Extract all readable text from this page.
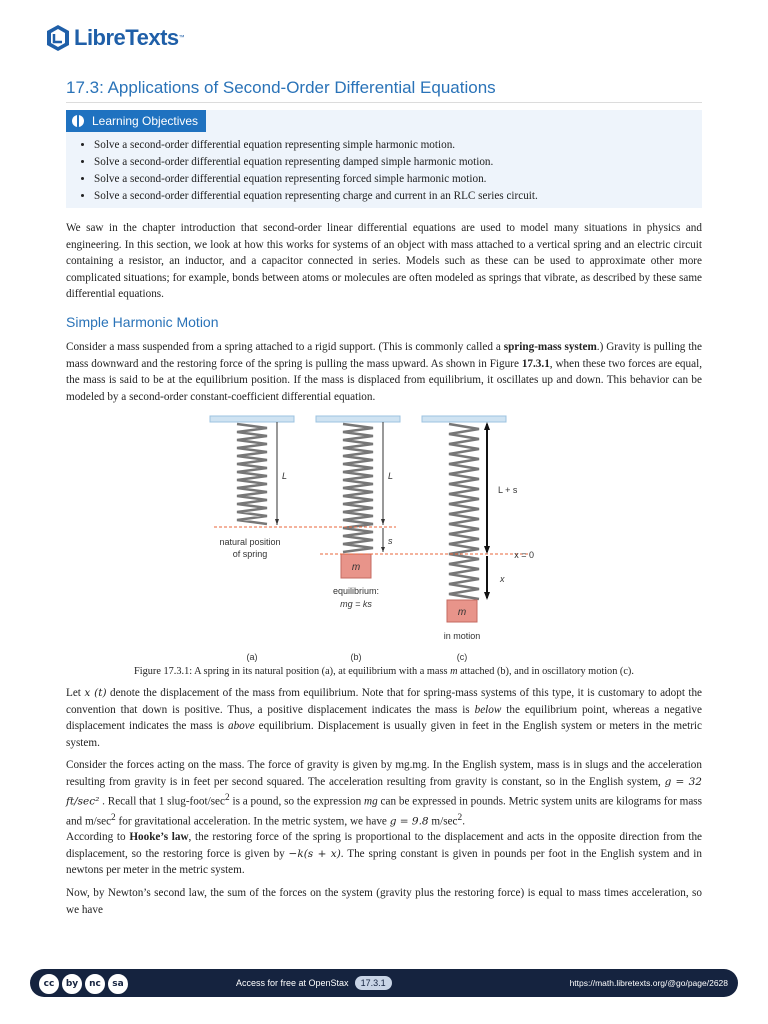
LibreTexts ™
17.3: Applications of Second-Order Differential Equations
Learning Objectives
• Solve a second-order differential equation representing simple harmonic motion.
• Solve a second-order differential equation representing damped simple harmonic motion.
• Solve a second-order differential equation representing forced simple harmonic motion.
• Solve a second-order differential equation representing charge and current in an RLC series circuit.

We saw in the chapter introduction that second-order linear differential equations are used to model many situations in physics and engineering. In this section, we look at how this works for systems of an object with mass attached to a vertical spring and an electric circuit containing a resistor, an inductor, and a capacitor connected in series. Models such as these can be used to approximate other more complicated situations; for example, bonds between atoms or molecules are often modeled as springs that vibrate, as described by these same differential equations.

Simple Harmonic Motion

Consider a mass suspended from a spring attached to a rigid support. (This is commonly called a spring-mass system.) Gravity is pulling the mass downward and the restoring force of the spring is pulling the mass upward. As shown in Figure 17.3.1, when these two forces are equal, the mass is said to be at the equilibrium position. If the mass is displaced from equilibrium, it oscillates up and down. This behavior can be modeled by a second-order constant-coefficient differential equation.

m
m
L	L
s
L + s
x
x = 0
natural position
of spring
equilibrium:
mg = ks
in motion
(a)	(b)	(c)
Figure 17.3.1: A spring in its natural position (a), at equilibrium with a mass m attached (b), and in oscillatory motion (c).

Let x (t) denote the displacement of the mass from equilibrium. Note that for spring-mass systems of this type, it is customary to adopt the convention that down is positive. Thus, a positive displacement indicates the mass is below the equilibrium point, whereas a negative displacement indicates the mass is above equilibrium. Displacement is usually given in feet in the English system or meters in the metric system.

Consider the forces acting on the mass. The force of gravity is given by mg.mg. In the English system, mass is in slugs and the acceleration resulting from gravity is in feet per second squared. The acceleration resulting from gravity is constant, so in the English system, g = 32 ft/sec² . Recall that 1 slug-$foot/\sec^2$ is a pound, so the expression mg can be expressed in pounds. Metric system units are kilograms for mass and $m/\sec^2$ for gravitational acceleration. In the metric system, we have g = 9.8 $m/\sec^2$.

According to Hooke’s law, the restoring force of the spring is proportional to the displacement and acts in the opposite direction from the displacement, so the restoring force is given by −k(s + x). The spring constant is given in pounds per foot in the English system and in newtons per meter in the metric system.

Now, by Newton’s second law, the sum of the forces on the system (gravity plus the restoring force) is equal to mass times acceleration, so we have

cc	by	nc	sa	Access for free at OpenStax	17.3.1	https://math.libretexts.org/@go/page/2628
